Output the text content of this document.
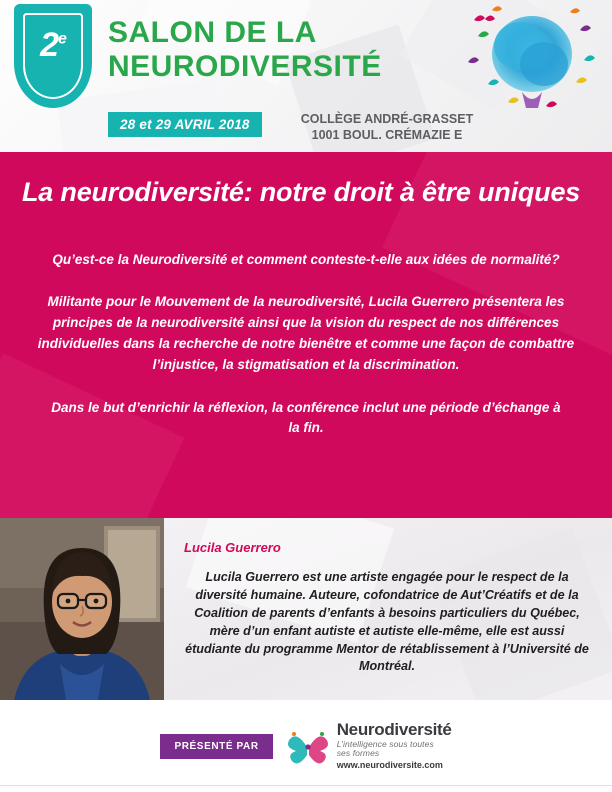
2e	SALON DE LA
NEURODIVERSITÉ
28 et 29 AVRIL 2018	COLLÈGE ANDRÉ-GRASSET
1001 BOUL. CRÉMAZIE E
La neurodiversité: notre droit à être uniques

Qu’est-ce la Neurodiversité et comment conteste-t-elle aux idées de normalité?

Militante pour le Mouvement de la neurodiversité, Lucila Guerrero présentera les principes de la neurodiversité ainsi que la vision du respect de nos différences individuelles dans la recherche de notre bienêtre et comme une façon de combattre l’injustice, la stigmatisation et la discrimination.

Dans le but d’enrichir la réflexion, la conférence inclut une période d’échange à la fin.

Lucila Guerrero

Lucila Guerrero est une artiste engagée pour le respect de la diversité humaine. Auteure, cofondatrice de Aut’Créatifs et de la Coalition de parents d’enfants à besoins particuliers du Québec, mère d’un enfant autiste et autiste elle-même, elle est aussi étudiante du programme Mentor de rétablissement à l’Université de Montréal.

PRÉSENTÉ PAR
Neurodiversité
L’intelligence sous toutes
ses formes
www.neurodiversite.com
